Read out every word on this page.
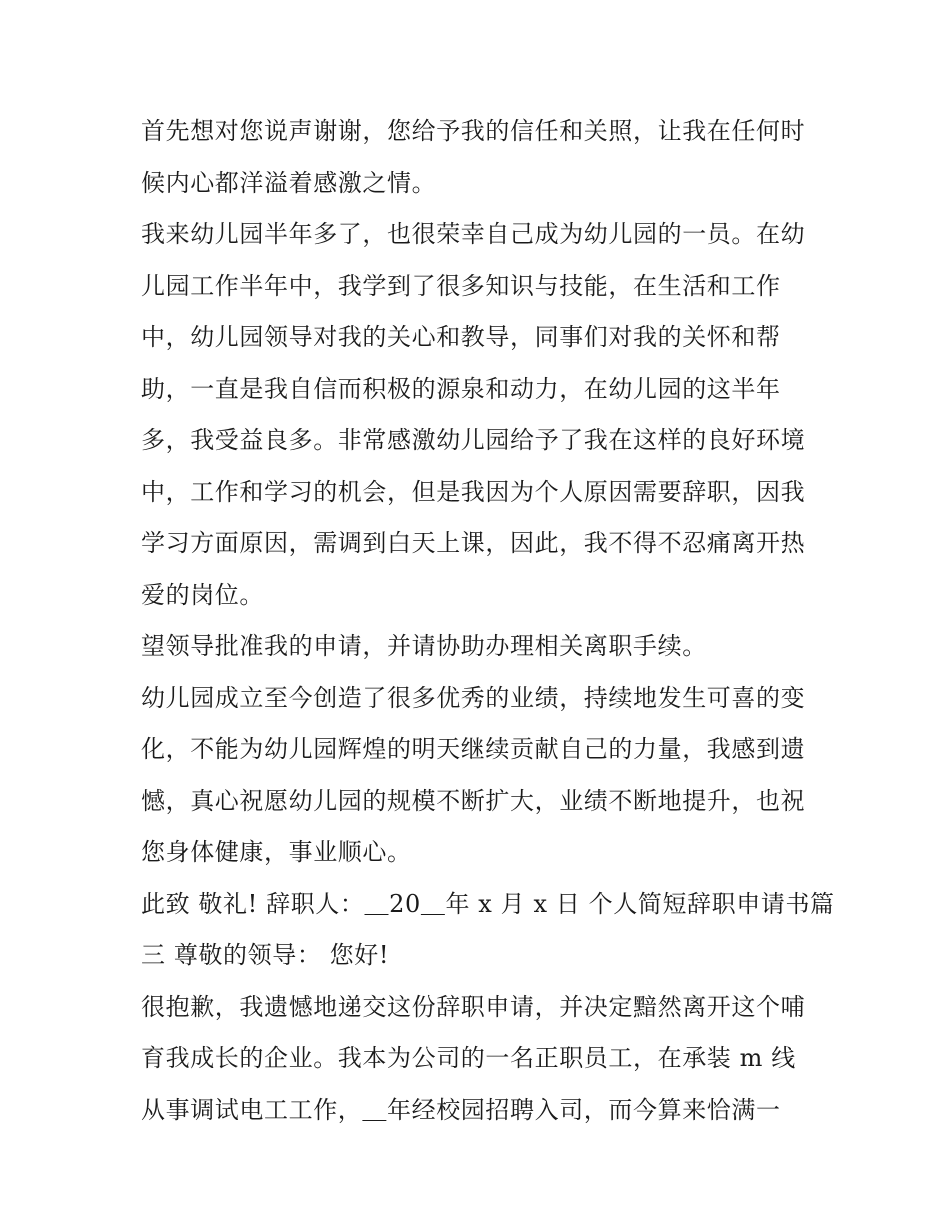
首先想对您说声谢谢，您给予我的信任和关照，让我在任何时
候内心都洋溢着感激之情。
我来幼儿园半年多了，也很荣幸自己成为幼儿园的一员。在幼
儿园工作半年中，我学到了很多知识与技能，在生活和工作
中，幼儿园领导对我的关心和教导，同事们对我的关怀和帮
助，一直是我自信而积极的源泉和动力，在幼儿园的这半年
多，我受益良多。非常感激幼儿园给予了我在这样的良好环境
中，工作和学习的机会，但是我因为个人原因需要辞职，因我
学习方面原因，需调到白天上课，因此，我不得不忍痛离开热
爱的岗位。
望领导批准我的申请，并请协助办理相关离职手续。
幼儿园成立至今创造了很多优秀的业绩，持续地发生可喜的变
化，不能为幼儿园辉煌的明天继续贡献自己的力量，我感到遗
憾，真心祝愿幼儿园的规模不断扩大，业绩不断地提升，也祝
您身体健康，事业顺心。
此致 敬礼! 辞职人：＿20＿年 x 月 x 日 个人简短辞职申请书篇
三 尊敬的领导： 您好!
很抱歉，我遗憾地递交这份辞职申请，并决定黯然离开这个哺
育我成长的企业。我本为公司的一名正职员工，在承装 m 线
从事调试电工工作，＿年经校园招聘入司，而今算来恰满一
